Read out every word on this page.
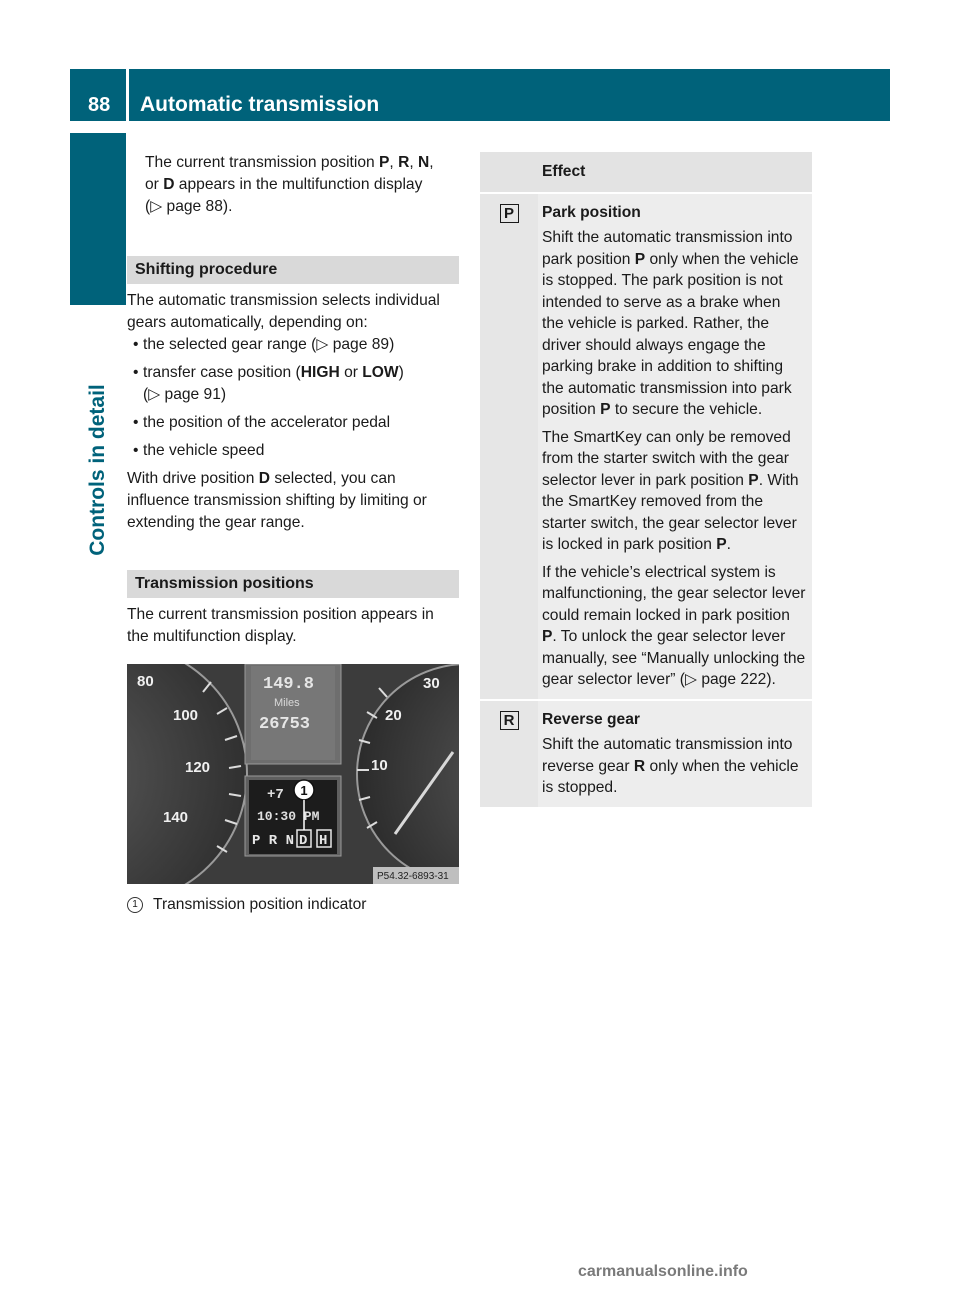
88	Automatic transmission
Controls in detail

The current transmission position P, R, N,
or D appears in the multifunction display
(▷ page 88).

Shifting procedure

The automatic transmission selects individual
gears automatically, depending on:

• the selected gear range (▷ page 89)

• transfer case position (HIGH or LOW)

(▷ page 91)

• the position of the accelerator pedal

• the vehicle speed

With drive position D selected, you can
influence transmission shifting by limiting or
extending the gear range.

Transmission positions

The current transmission position appears in
the multifunction display.

80
100
120
140
30
20
10
149.8
Miles
26753
+7
10:30 PM
P R N D H
1
P54.32-6893-31
1 Transmission position indicator
Effect
P Park position

Shift the automatic transmission into park position P only when the vehicle is stopped. The park position is not intended to serve as a brake when the vehicle is parked. Rather, the driver should always engage the parking brake in addition to shifting the automatic transmission into park position P to secure the vehicle.

The SmartKey can only be removed from the starter switch with the gear selector lever in park position P. With the SmartKey removed from the starter switch, the gear selector lever is locked in park position P.

If the vehicle’s electrical system is malfunctioning, the gear selector lever could remain locked in park position P. To unlock the gear selector lever manually, see “Manually unlocking the gear selector lever” (▷ page 222).

R Reverse gear

Shift the automatic transmission into reverse gear R only when the vehicle is stopped.

carmanualsonline.info
